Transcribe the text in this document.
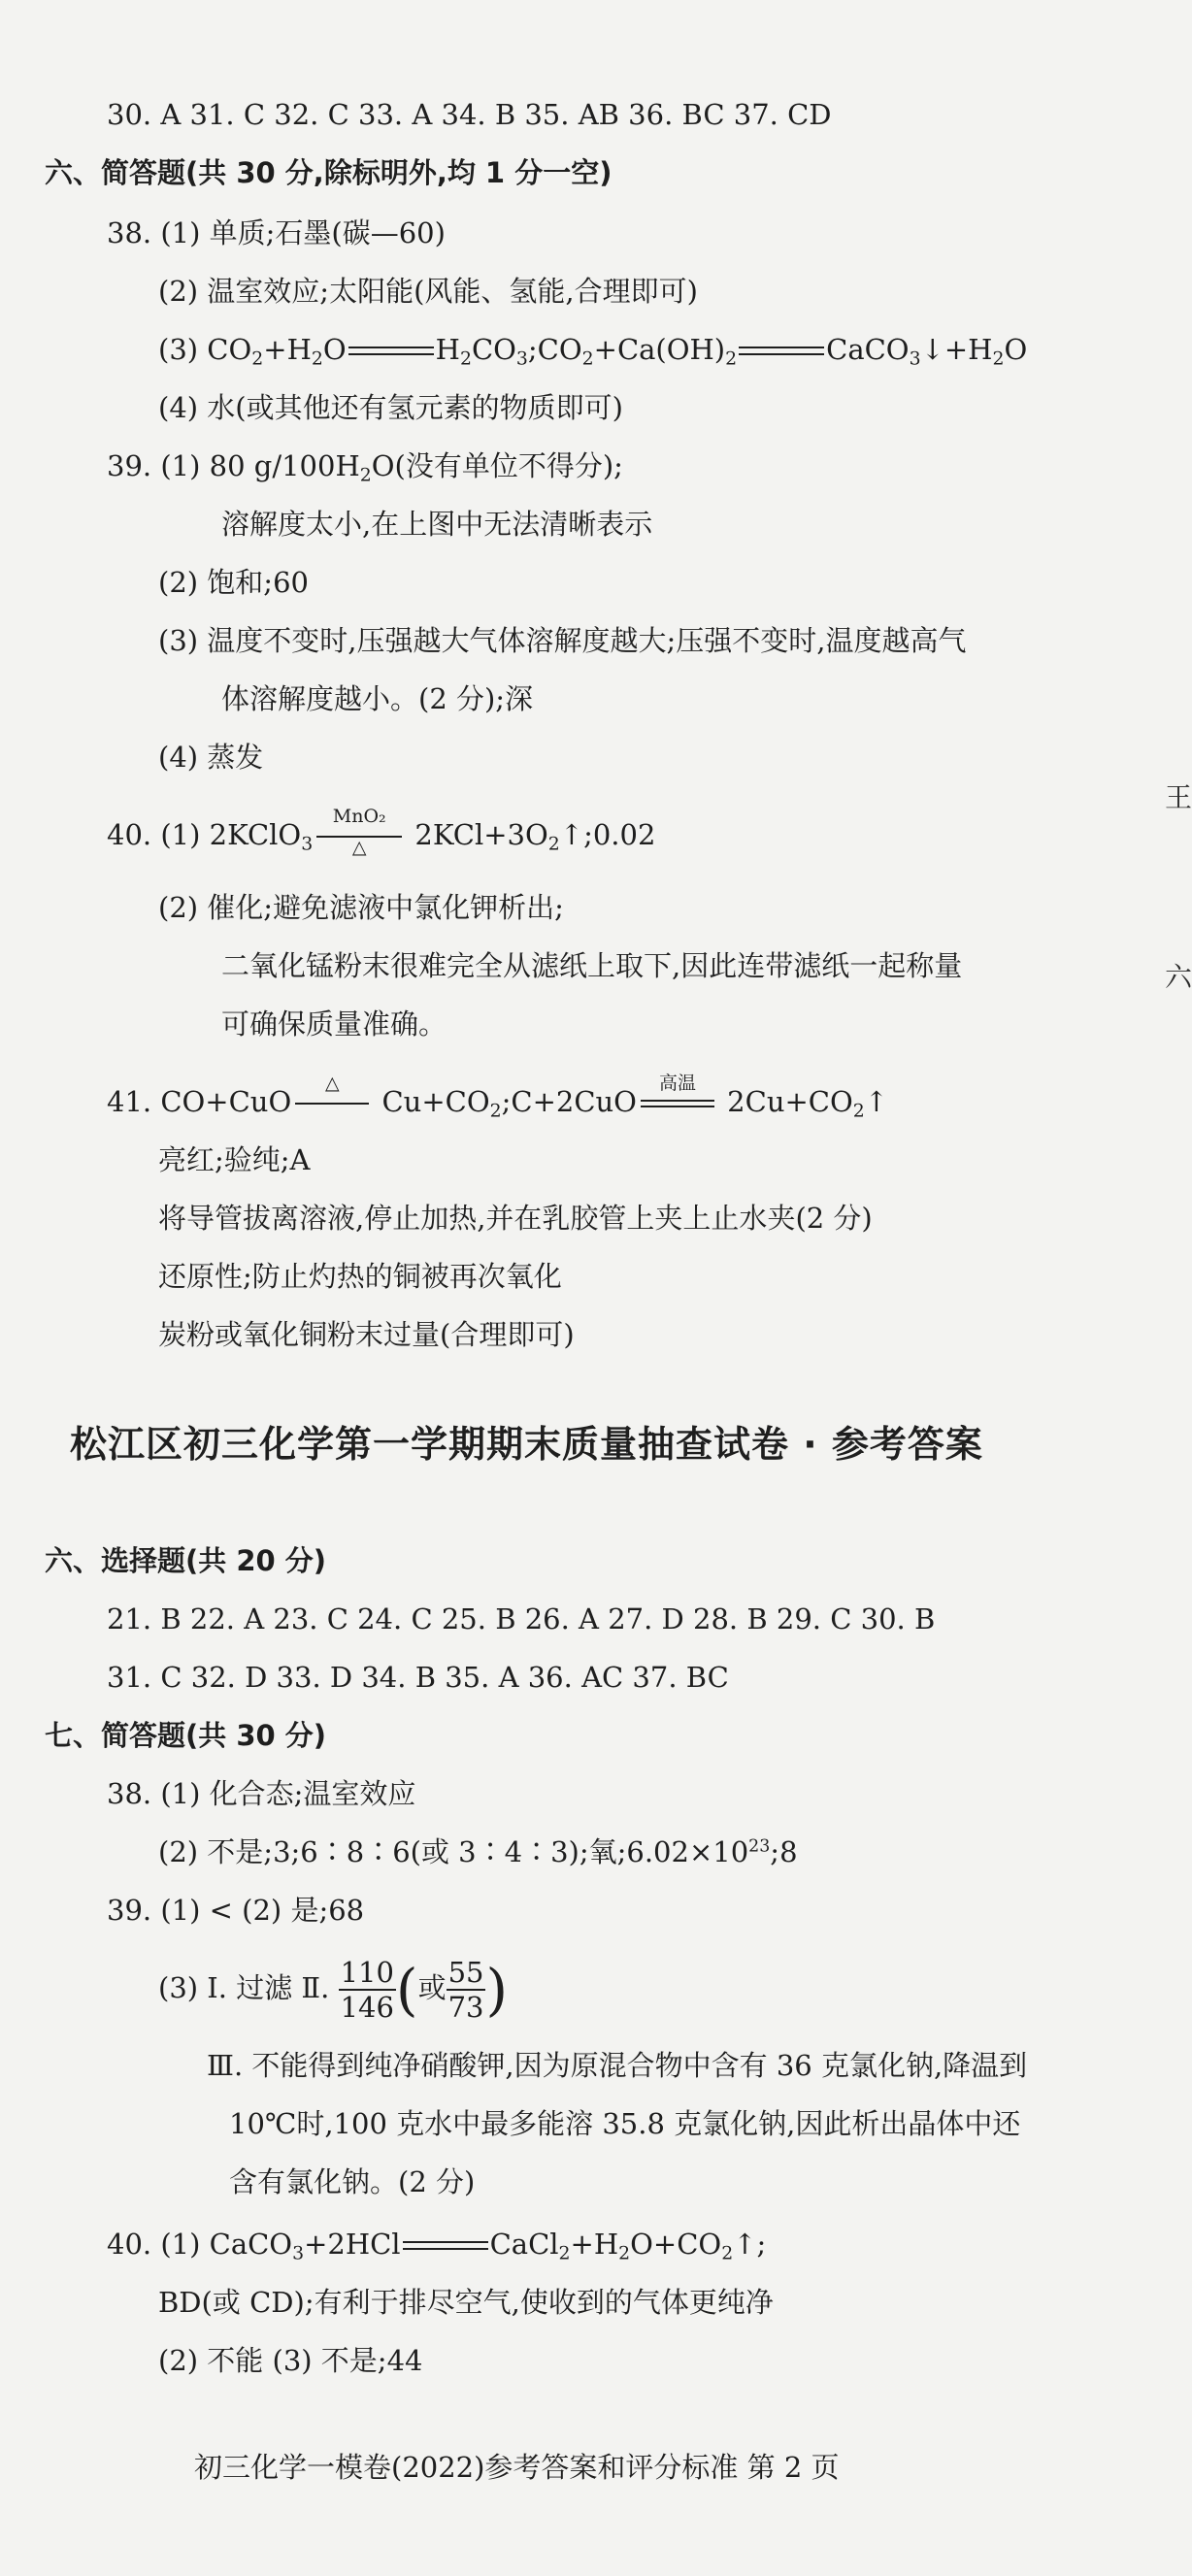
30. A 31. C 32. C 33. A 34. B 35. AB 36. BC 37. CD
六、简答题(共 30 分,除标明外,均 1 分一空)
38. (1) 单质;石墨(碳—60)
(2) 温室效应;太阳能(风能、氢能,合理即可)
(3) $CO_2+H_2O$	$H_2CO_3;CO_2+Ca(OH)_2$	$CaCO_3↓+H_2O$
(4) 水(或其他还有氢元素的物质即可)
39. (1) 80 $g/100H_2O$(没有单位不得分);
溶解度太小,在上图中无法清晰表示
(2) 饱和;60
(3) 温度不变时,压强越大气体溶解度越大;压强不变时,温度越高气
体溶解度越小。(2 分);深
(4) 蒸发
40. (1) 2KClO$_3$
MnO₂
△	$2KCl+3O_2↑;0.02$
(2) 催化;避免滤液中氯化钾析出;
二氧化锰粉末很难完全从滤纸上取下,因此连带滤纸一起称量
可确保质量准确。
41. CO+CuO
△
$Cu+CO_2;C+2CuO$
高温
$2Cu+CO_2↑$
亮红;验纯;A
将导管拔离溶液,停止加热,并在乳胶管上夹上止水夹(2 分)
还原性;防止灼热的铜被再次氧化
炭粉或氧化铜粉末过量(合理即可)
松江区初三化学第一学期期末质量抽查试卷 · 参考答案
六、选择题(共 20 分)
21. B 22. A 23. C 24. C 25. B 26. A 27. D 28. B 29. C 30. B
31. C 32. D 33. D 34. B 35. A 36. AC 37. BC
七、简答题(共 30 分)
38. (1) 化合态;温室效应
(2) 不是;3;6∶8∶6(或 3∶4∶3);氧$;6.02\times 10^{23};8$
39. (1) < (2) 是;68
(3) Ⅰ. 过滤 Ⅱ. $\frac{110}{146}$ (或 $\frac{55}{73}$ )
Ⅲ. 不能得到纯净硝酸钾,因为原混合物中含有 36 克氯化钠,降温到
10℃时,100 克水中最多能溶 35.8 克氯化钠,因此析出晶体中还
含有氯化钠。(2 分)
40. (1) CaCO$_3$+2HCl	$CaCl_2+H_2O+CO_2↑$;
BD(或 CD);有利于排尽空气,使收到的气体更纯净
(2) 不能 (3) 不是;44
初三化学一模卷(2022)参考答案和评分标准 第 2 页
王
六
